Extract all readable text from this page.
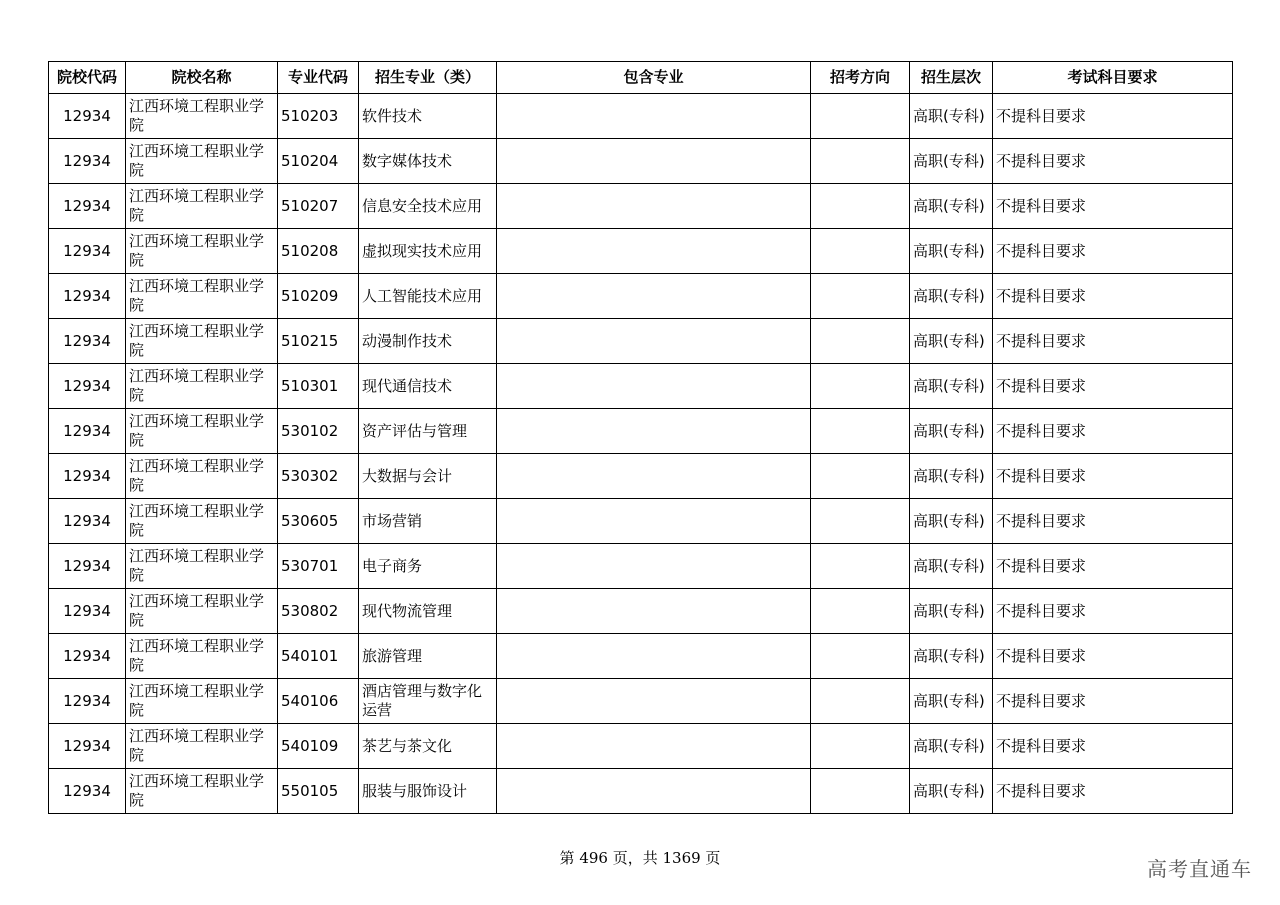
院校代码	院校名称	专业代码	招生专业（类）	包含专业	招考方向	招生层次	考试科目要求
12934	江西环境工程职业学院	510203	软件技术			高职(专科)	不提科目要求
12934	江西环境工程职业学院	510204	数字媒体技术			高职(专科)	不提科目要求
12934	江西环境工程职业学院	510207	信息安全技术应用			高职(专科)	不提科目要求
12934	江西环境工程职业学院	510208	虚拟现实技术应用			高职(专科)	不提科目要求
12934	江西环境工程职业学院	510209	人工智能技术应用			高职(专科)	不提科目要求
12934	江西环境工程职业学院	510215	动漫制作技术			高职(专科)	不提科目要求
12934	江西环境工程职业学院	510301	现代通信技术			高职(专科)	不提科目要求
12934	江西环境工程职业学院	530102	资产评估与管理			高职(专科)	不提科目要求
12934	江西环境工程职业学院	530302	大数据与会计			高职(专科)	不提科目要求
12934	江西环境工程职业学院	530605	市场营销			高职(专科)	不提科目要求
12934	江西环境工程职业学院	530701	电子商务			高职(专科)	不提科目要求
12934	江西环境工程职业学院	530802	现代物流管理			高职(专科)	不提科目要求
12934	江西环境工程职业学院	540101	旅游管理			高职(专科)	不提科目要求
12934	江西环境工程职业学院	540106	酒店管理与数字化运营			高职(专科)	不提科目要求
12934	江西环境工程职业学院	540109	茶艺与茶文化			高职(专科)	不提科目要求
12934	江西环境工程职业学院	550105	服装与服饰设计			高职(专科)	不提科目要求
第 496 页，共 1369 页	高考直通车
